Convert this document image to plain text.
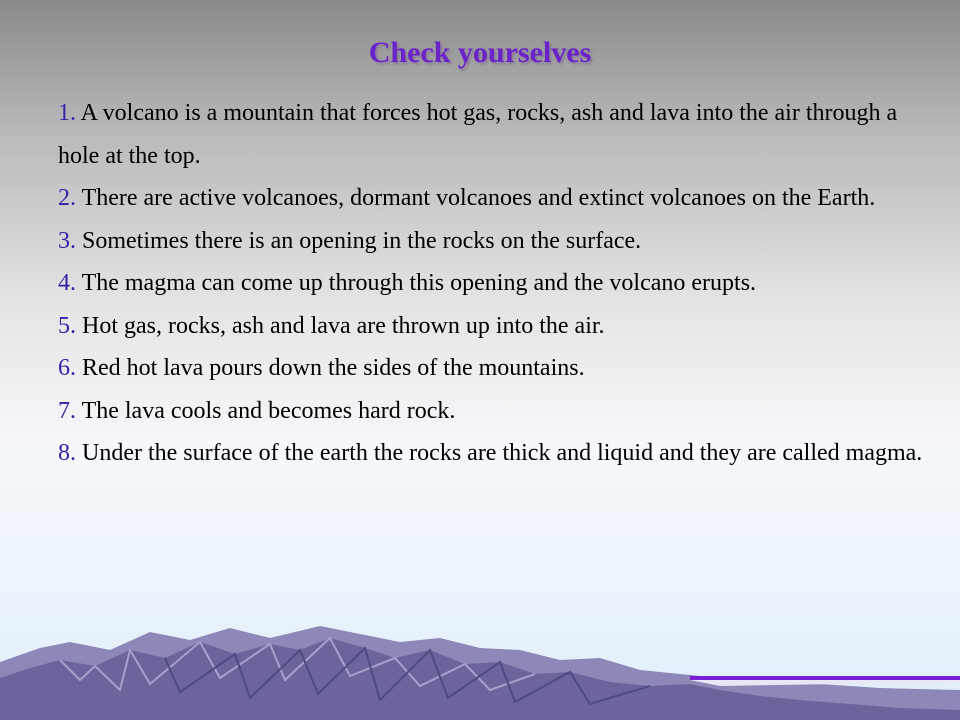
Check yourselves

1. A volcano is a mountain that forces hot gas, rocks, ash and lava into the air through a hole at the top.

2. There are active volcanoes, dormant volcanoes and extinct volcanoes on the Earth.

3. Sometimes there is an opening in the rocks on the surface.

4. The magma can come up through this opening and the volcano erupts.

5. Hot gas, rocks, ash and lava are thrown up into the air.

6. Red hot lava pours down the sides of the mountains.

7. The lava cools and becomes hard rock.

8. Under the surface of the earth the rocks are thick and liquid and they are called magma.
